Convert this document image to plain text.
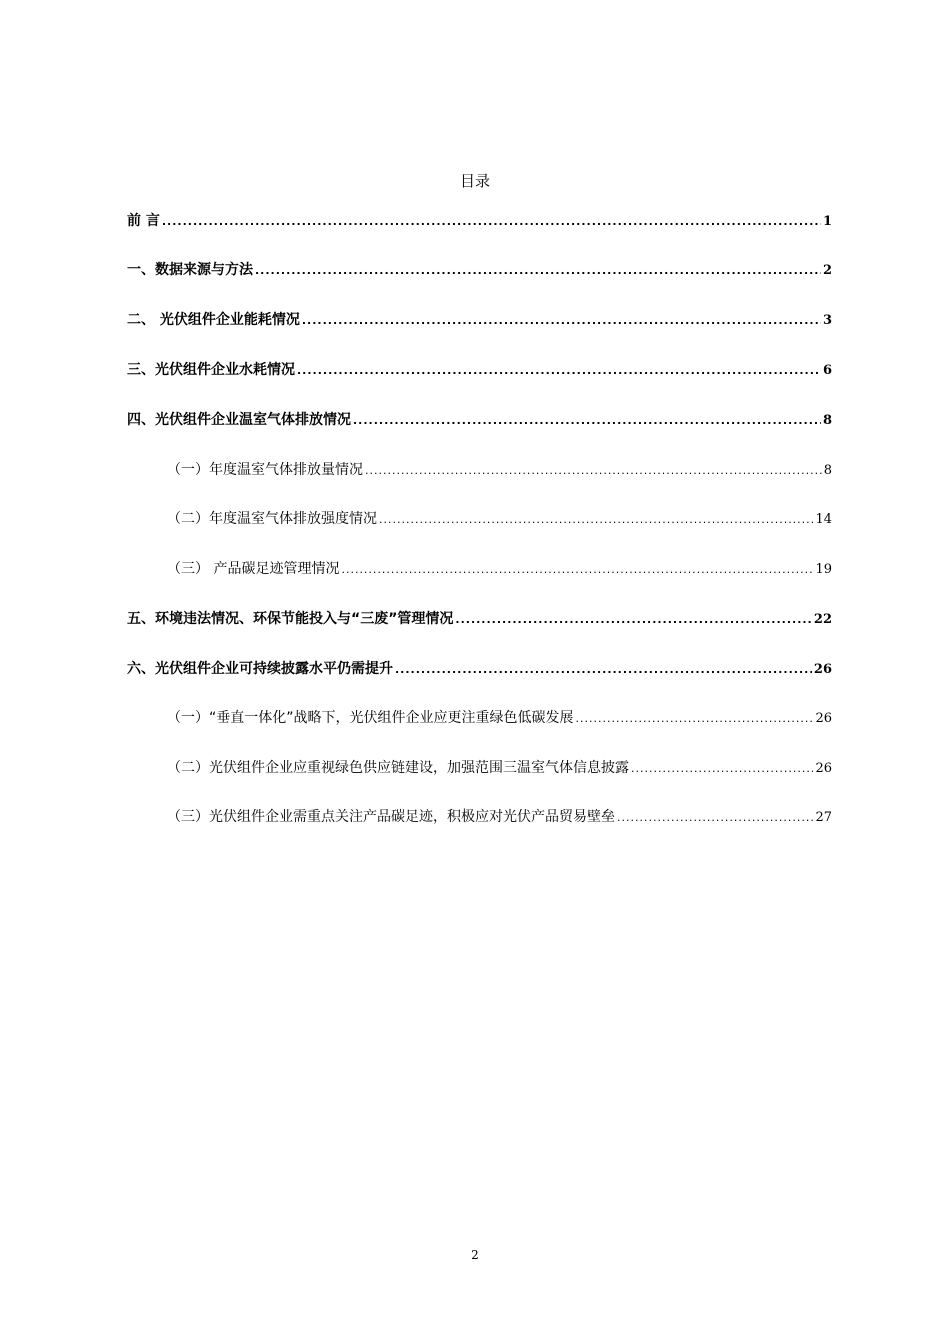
目录
前 言 .....	1
一、数据来源与方法 .....	2
二、 光伏组件企业能耗情况 .....	3
三、光伏组件企业水耗情况 .....	6
四、光伏组件企业温室气体排放情况 .....	8
（一）年度温室气体排放量情况 .....	8
（二）年度温室气体排放强度情况 .....	14
（三） 产品碳足迹管理情况 .....	19
五、环境违法情况、环保节能投入与“三废”管理情况 .....	22
六、光伏组件企业可持续披露水平仍需提升 .....	26
（一）“垂直一体化”战略下，光伏组件企业应更注重绿色低碳发展 .....	26
（二）光伏组件企业应重视绿色供应链建设，加强范围三温室气体信息披露 .....	26
（三）光伏组件企业需重点关注产品碳足迹，积极应对光伏产品贸易壁垒 .....	27
2
